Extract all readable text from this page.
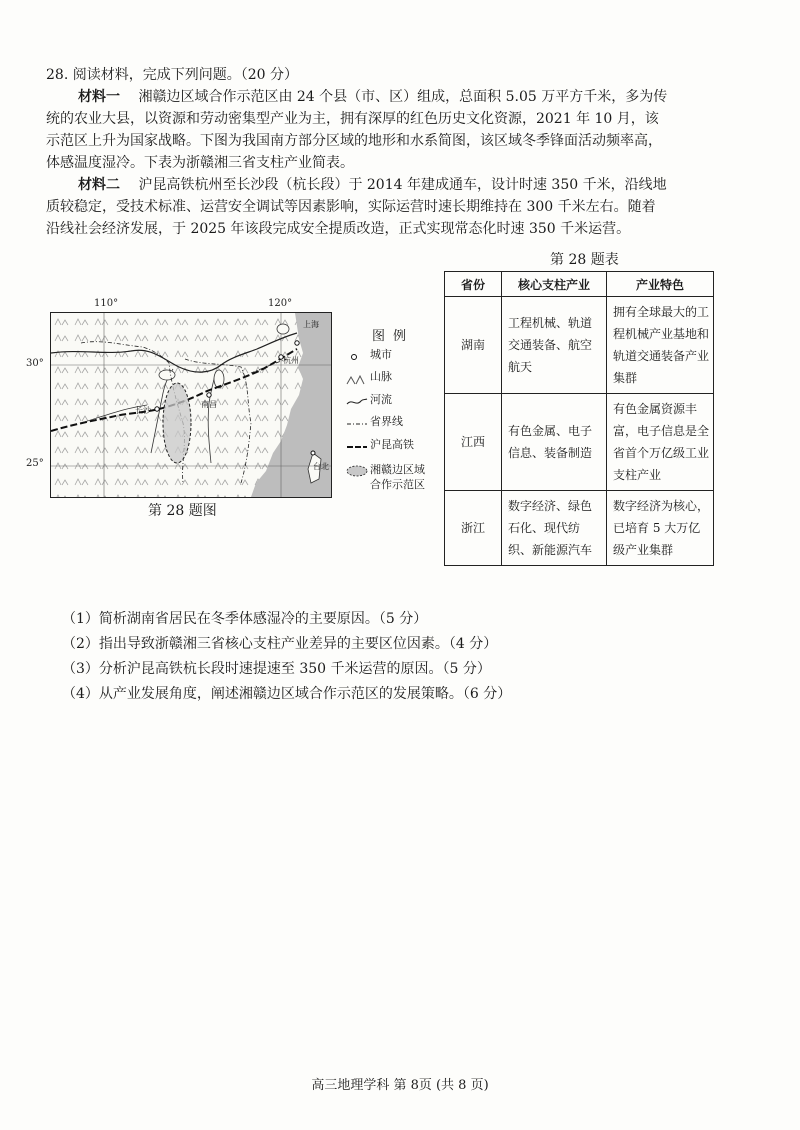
28. 阅读材料，完成下列问题。（20 分）
材料一 湘赣边区域合作示范区由 24 个县（市、区）组成，总面积 5.05 万平方千米，多为传
统的农业大县，以资源和劳动密集型产业为主，拥有深厚的红色历史文化资源，2021 年 10 月，该
示范区上升为国家战略。下图为我国南方部分区域的地形和水系简图，该区域冬季锋面活动频率高，
体感温度湿冷。下表为浙赣湘三省支柱产业简表。
材料二 沪昆高铁杭州至长沙段（杭长段）于 2014 年建成通车，设计时速 350 千米，沿线地
质较稳定，受技术标准、运营安全调试等因素影响，实际运营时速长期维持在 300 千米左右。随着
沿线社会经济发展，于 2025 年该段完成安全提质改造，正式实现常态化时速 350 千米运营。
110°	120°
30°
25°
上海
杭州
长沙
南昌
台北
图例
城市
山脉
河流
省界线
沪昆高铁
湘赣边区域
合作示范区
第 28 题图
第 28 题表
省份	核心支柱产业	产业特色
湖南	工程机械、轨道交通装备、航空航天	拥有全球最大的工程机械产业基地和轨道交通装备产业集群
江西	有色金属、电子信息、装备制造	有色金属资源丰富，电子信息是全省首个万亿级工业支柱产业
浙江	数字经济、绿色石化、现代纺织、新能源汽车	数字经济为核心，已培育 5 大万亿级产业集群
（1）简析湖南省居民在冬季体感湿冷的主要原因。（5 分）
（2）指出导致浙赣湘三省核心支柱产业差异的主要区位因素。（4 分）
（3）分析沪昆高铁杭长段时速提速至 350 千米运营的原因。（5 分）
（4）从产业发展角度，阐述湘赣边区域合作示范区的发展策略。（6 分）
高三地理学科 第 8页 (共 8 页)
